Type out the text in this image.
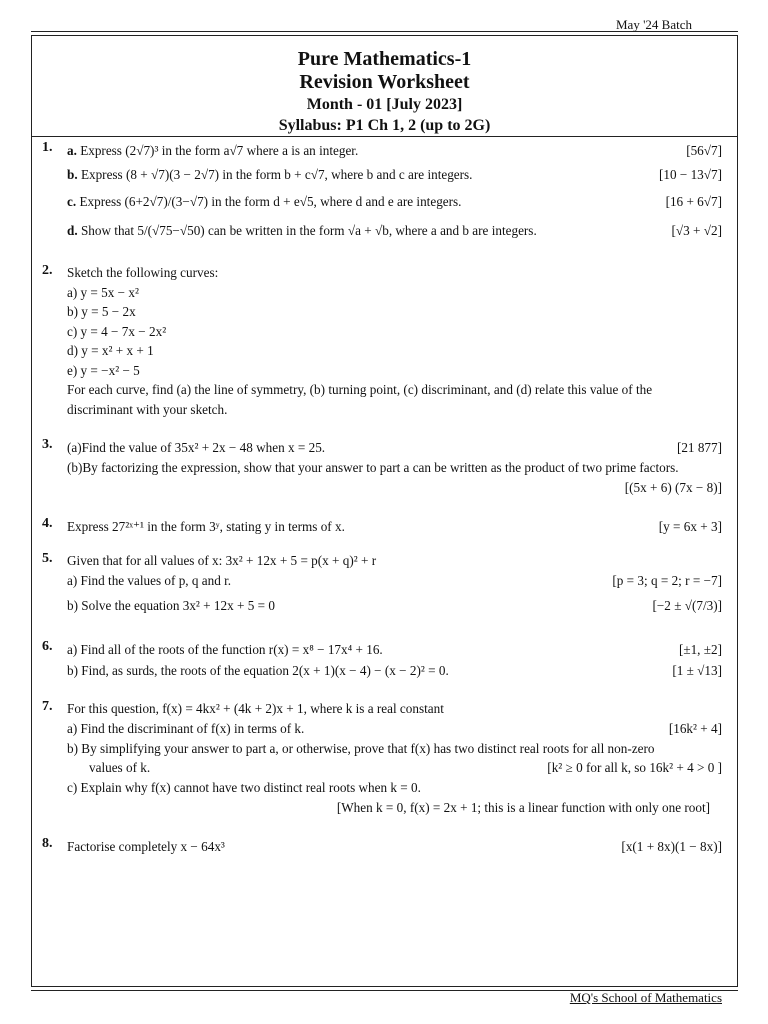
May '24 Batch
Pure Mathematics-1
Revision Worksheet
Month - 01 [July 2023]
Syllabus: P1 Ch 1, 2 (up to 2G)
1. a. Express (2√7)³ in the form a√7 where a is an integer.	[56√7]
b. Express (8 + √7)(3 − 2√7) in the form b + c√7, where b and c are integers.	[10 − 13√7]
c. Express (6+2√7)/(3−√7) in the form d + e√5, where d and e are integers.	[16 + 6√7]
d. Show that 5/(√75−√50) can be written in the form √a + √b, where a and b are integers.	[√3 + √2]
2. Sketch the following curves:
a) y = 5x − x²
b) y = 5 − 2x
c) y = 4 − 7x − 2x²
d) y = x² + x + 1
e) y = −x² − 5
For each curve, find (a) the line of symmetry, (b) turning point, (c) discriminant, and (d) relate this value of the discriminant with your sketch.
3. (a)Find the value of 35x² + 2x − 48 when x = 25.	[21 877]
(b)By factorizing the expression, show that your answer to part a can be written as the product of two prime factors.
[(5x + 6) (7x − 8)]
4. Express 27²ˣ⁺¹ in the form 3ʸ, stating y in terms of x.	[y = 6x + 3]
5. Given that for all values of x: 3x² + 12x + 5 = p(x + q)² + r
a) Find the values of p, q and r.	[p = 3; q = 2; r = −7]
b) Solve the equation 3x² + 12x + 5 = 0	[−2 ± √(7/3)]
6. a) Find all of the roots of the function r(x) = x⁸ − 17x⁴ + 16.	[±1, ±2]
b) Find, as surds, the roots of the equation 2(x + 1)(x − 4) − (x − 2)² = 0.	[1 ± √13]
7. For this question, f(x) = 4kx² + (4k + 2)x + 1, where k is a real constant
a) Find the discriminant of f(x) in terms of k.	[16k² + 4]
b) By simplifying your answer to part a, or otherwise, prove that f(x) has two distinct real roots for all non-zero
values of k.	[k² ≥ 0 for all k, so 16k² + 4 > 0 ]
c) Explain why f(x) cannot have two distinct real roots when k = 0.
[When k = 0, f(x) = 2x + 1; this is a linear function with only one root]
8. Factorise completely x − 64x³	[x(1 + 8x)(1 − 8x)]
MQ's School of Mathematics
